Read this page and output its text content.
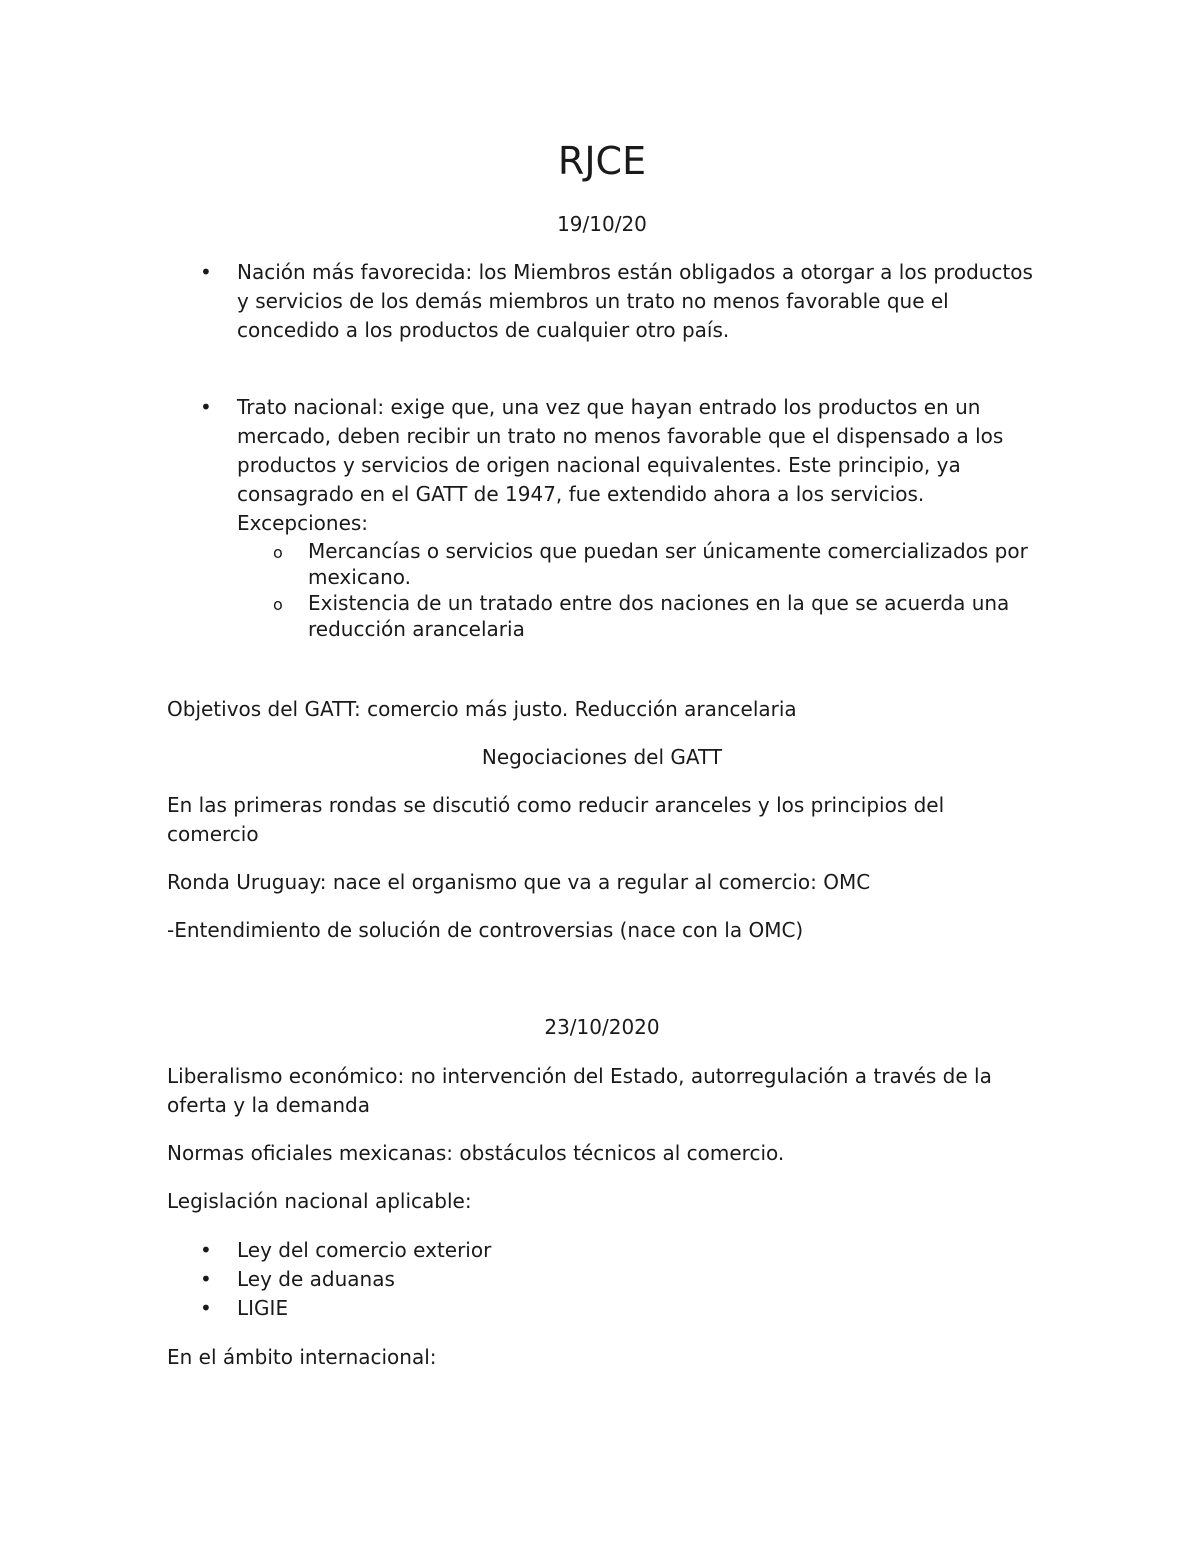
RJCE

19/10/20

• Nación más favorecida: los Miembros están obligados a otorgar a los productos y servicios de los demás miembros un trato no menos favorable que el concedido a los productos de cualquier otro país.
• Trato nacional: exige que, una vez que hayan entrado los productos en un mercado, deben recibir un trato no menos favorable que el dispensado a los productos y servicios de origen nacional equivalentes. Este principio, ya consagrado en el GATT de 1947, fue extendido ahora a los servicios.
Excepciones:
o Mercancías o servicios que puedan ser únicamente comercializados por mexicano.
o Existencia de un tratado entre dos naciones en la que se acuerda una reducción arancelaria

Objetivos del GATT: comercio más justo. Reducción arancelaria

Negociaciones del GATT

En las primeras rondas se discutió como reducir aranceles y los principios del comercio

Ronda Uruguay: nace el organismo que va a regular al comercio: OMC

-Entendimiento de solución de controversias (nace con la OMC)

23/10/2020

Liberalismo económico: no intervención del Estado, autorregulación a través de la oferta y la demanda

Normas oficiales mexicanas: obstáculos técnicos al comercio.

Legislación nacional aplicable:

• Ley del comercio exterior
• Ley de aduanas
• LIGIE

En el ámbito internacional:
